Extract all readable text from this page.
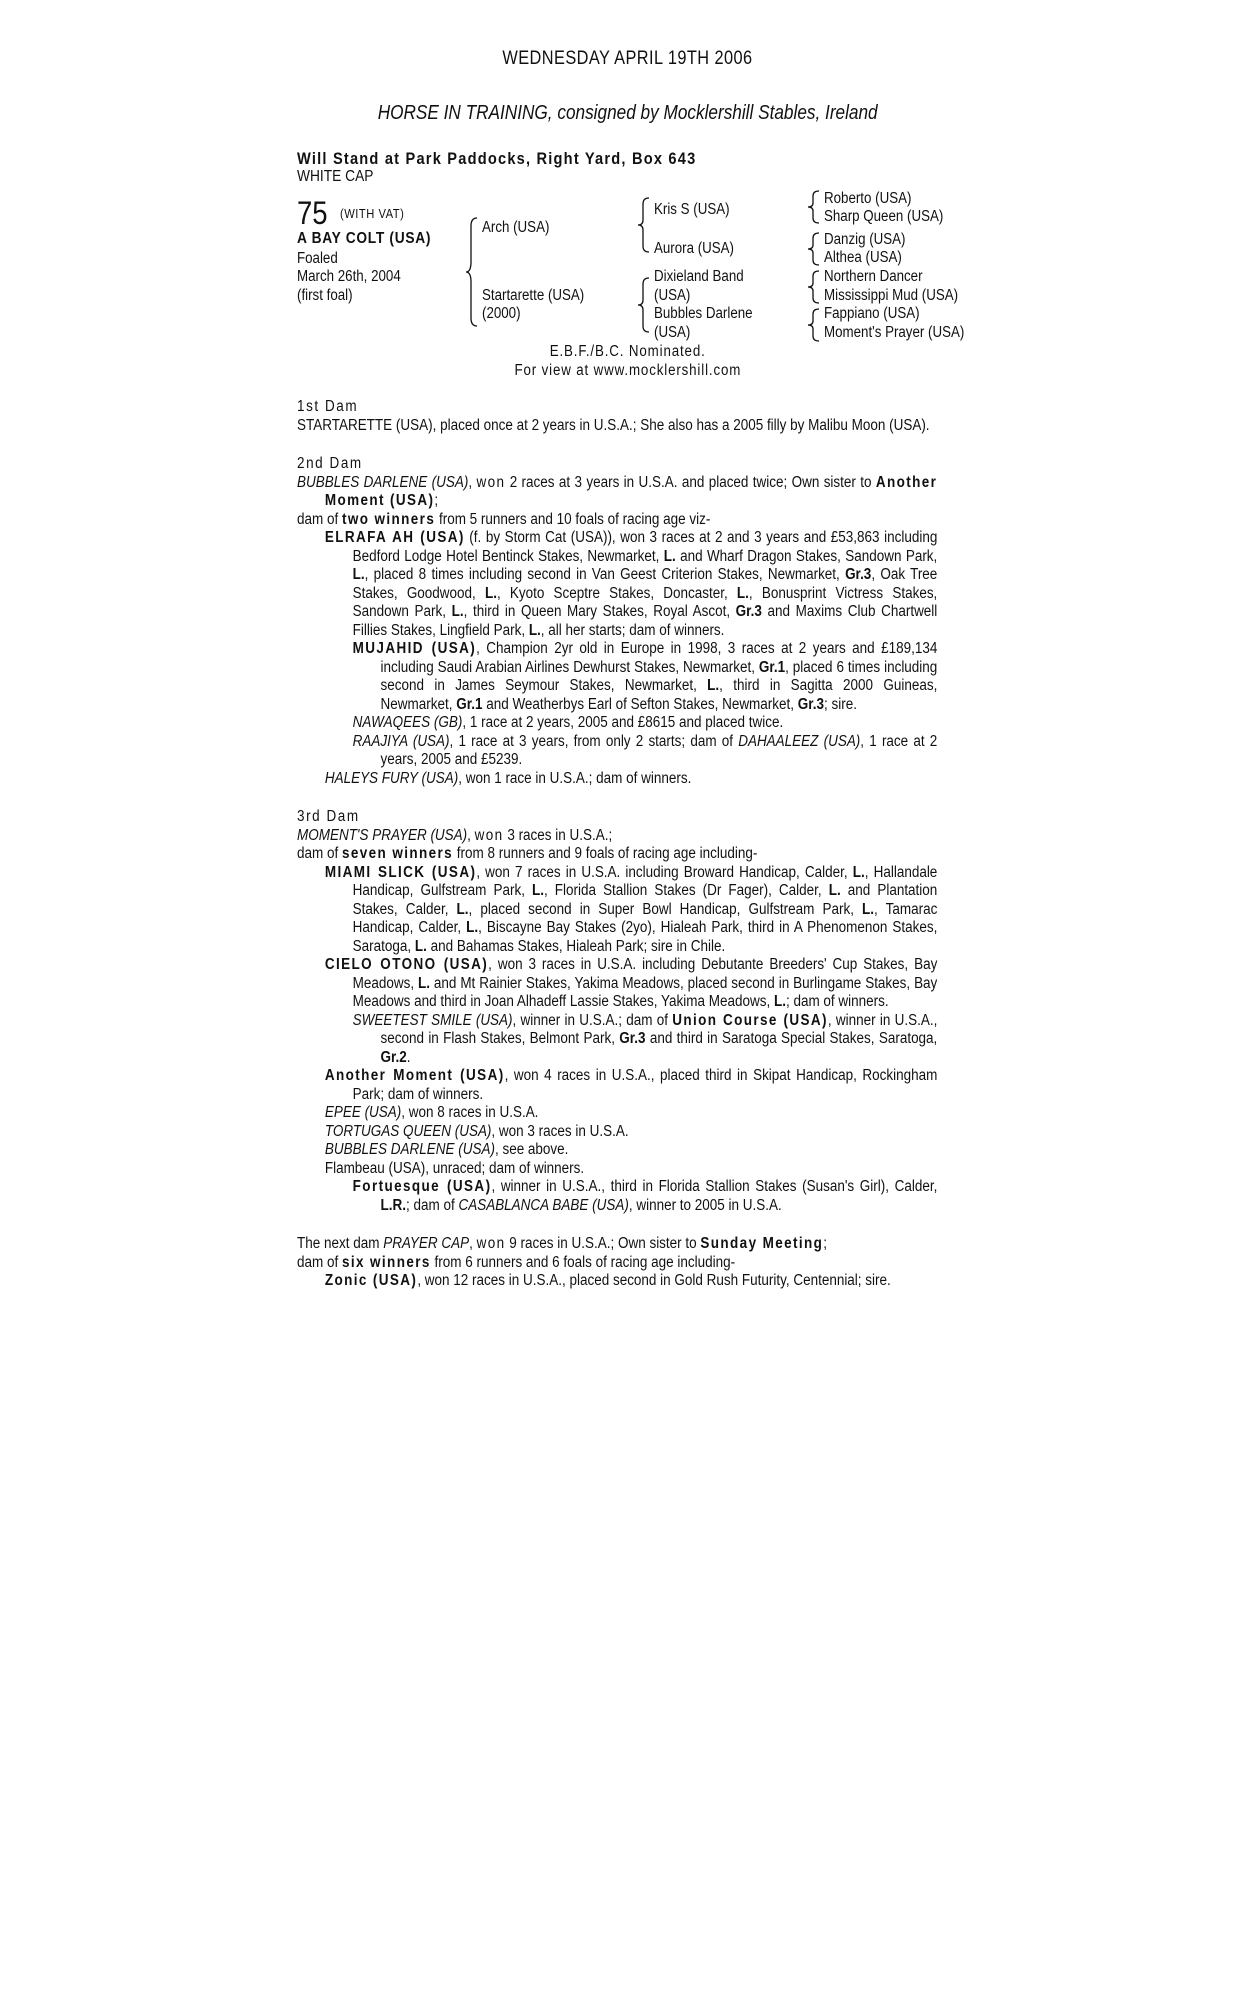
WEDNESDAY APRIL 19TH 2006
HORSE IN TRAINING, consigned by Mocklershill Stables, Ireland
Will Stand at Park Paddocks, Right Yard, Box 643
WHITE CAP
75 (WITH VAT)
A BAY COLT (USA)
Foaled
March 26th, 2004
(first foal)
Arch (USA)
Startarette (USA)
(2000)
Kris S (USA)
Aurora (USA)
Dixieland Band
(USA)
Bubbles Darlene
(USA)
Roberto (USA)
Sharp Queen (USA)
Danzig (USA)
Althea (USA)
Northern Dancer
Mississippi Mud (USA)
Fappiano (USA)
Moment's Prayer (USA)
E.B.F./B.C. Nominated.
For view at www.mocklershill.com

1st Dam

STARTARETTE (USA), placed once at 2 years in U.S.A.; She also has a 2005 filly by Malibu Moon (USA).

2nd Dam

BUBBLES DARLENE (USA), won 2 races at 3 years in U.S.A. and placed twice; Own sister to Another Moment (USA);

dam of two winners from 5 runners and 10 foals of racing age viz-

ELRAFA AH (USA) (f. by Storm Cat (USA)), won 3 races at 2 and 3 years and £53,863 including Bedford Lodge Hotel Bentinck Stakes, Newmarket, L. and Wharf Dragon Stakes, Sandown Park, L., placed 8 times including second in Van Geest Criterion Stakes, Newmarket, Gr.3, Oak Tree Stakes, Goodwood, L., Kyoto Sceptre Stakes, Doncaster, L., Bonusprint Victress Stakes, Sandown Park, L., third in Queen Mary Stakes, Royal Ascot, Gr.3 and Maxims Club Chartwell Fillies Stakes, Lingfield Park, L., all her starts; dam of winners.

MUJAHID (USA), Champion 2yr old in Europe in 1998, 3 races at 2 years and £189,134 including Saudi Arabian Airlines Dewhurst Stakes, Newmarket, Gr.1, placed 6 times including second in James Seymour Stakes, Newmarket, L., third in Sagitta 2000 Guineas, Newmarket, Gr.1 and Weatherbys Earl of Sefton Stakes, Newmarket, Gr.3; sire.

NAWAQEES (GB), 1 race at 2 years, 2005 and £8615 and placed twice.

RAAJIYA (USA), 1 race at 3 years, from only 2 starts; dam of DAHAALEEZ (USA), 1 race at 2 years, 2005 and £5239.

HALEYS FURY (USA), won 1 race in U.S.A.; dam of winners.

3rd Dam

MOMENT'S PRAYER (USA), won 3 races in U.S.A.;

dam of seven winners from 8 runners and 9 foals of racing age including-

MIAMI SLICK (USA), won 7 races in U.S.A. including Broward Handicap, Calder, L., Hallandale Handicap, Gulfstream Park, L., Florida Stallion Stakes (Dr Fager), Calder, L. and Plantation Stakes, Calder, L., placed second in Super Bowl Handicap, Gulfstream Park, L., Tamarac Handicap, Calder, L., Biscayne Bay Stakes (2yo), Hialeah Park, third in A Phenomenon Stakes, Saratoga, L. and Bahamas Stakes, Hialeah Park; sire in Chile.

CIELO OTONO (USA), won 3 races in U.S.A. including Debutante Breeders' Cup Stakes, Bay Meadows, L. and Mt Rainier Stakes, Yakima Meadows, placed second in Burlingame Stakes, Bay Meadows and third in Joan Alhadeff Lassie Stakes, Yakima Meadows, L.; dam of winners.

SWEETEST SMILE (USA), winner in U.S.A.; dam of Union Course (USA), winner in U.S.A., second in Flash Stakes, Belmont Park, Gr.3 and third in Saratoga Special Stakes, Saratoga, Gr.2.

Another Moment (USA), won 4 races in U.S.A., placed third in Skipat Handicap, Rockingham Park; dam of winners.

EPEE (USA), won 8 races in U.S.A.

TORTUGAS QUEEN (USA), won 3 races in U.S.A.

BUBBLES DARLENE (USA), see above.

Flambeau (USA), unraced; dam of winners.

Fortuesque (USA), winner in U.S.A., third in Florida Stallion Stakes (Susan's Girl), Calder, L.R.; dam of CASABLANCA BABE (USA), winner to 2005 in U.S.A.

The next dam PRAYER CAP, won 9 races in U.S.A.; Own sister to Sunday Meeting;

dam of six winners from 6 runners and 6 foals of racing age including-

Zonic (USA), won 12 races in U.S.A., placed second in Gold Rush Futurity, Centennial; sire.
